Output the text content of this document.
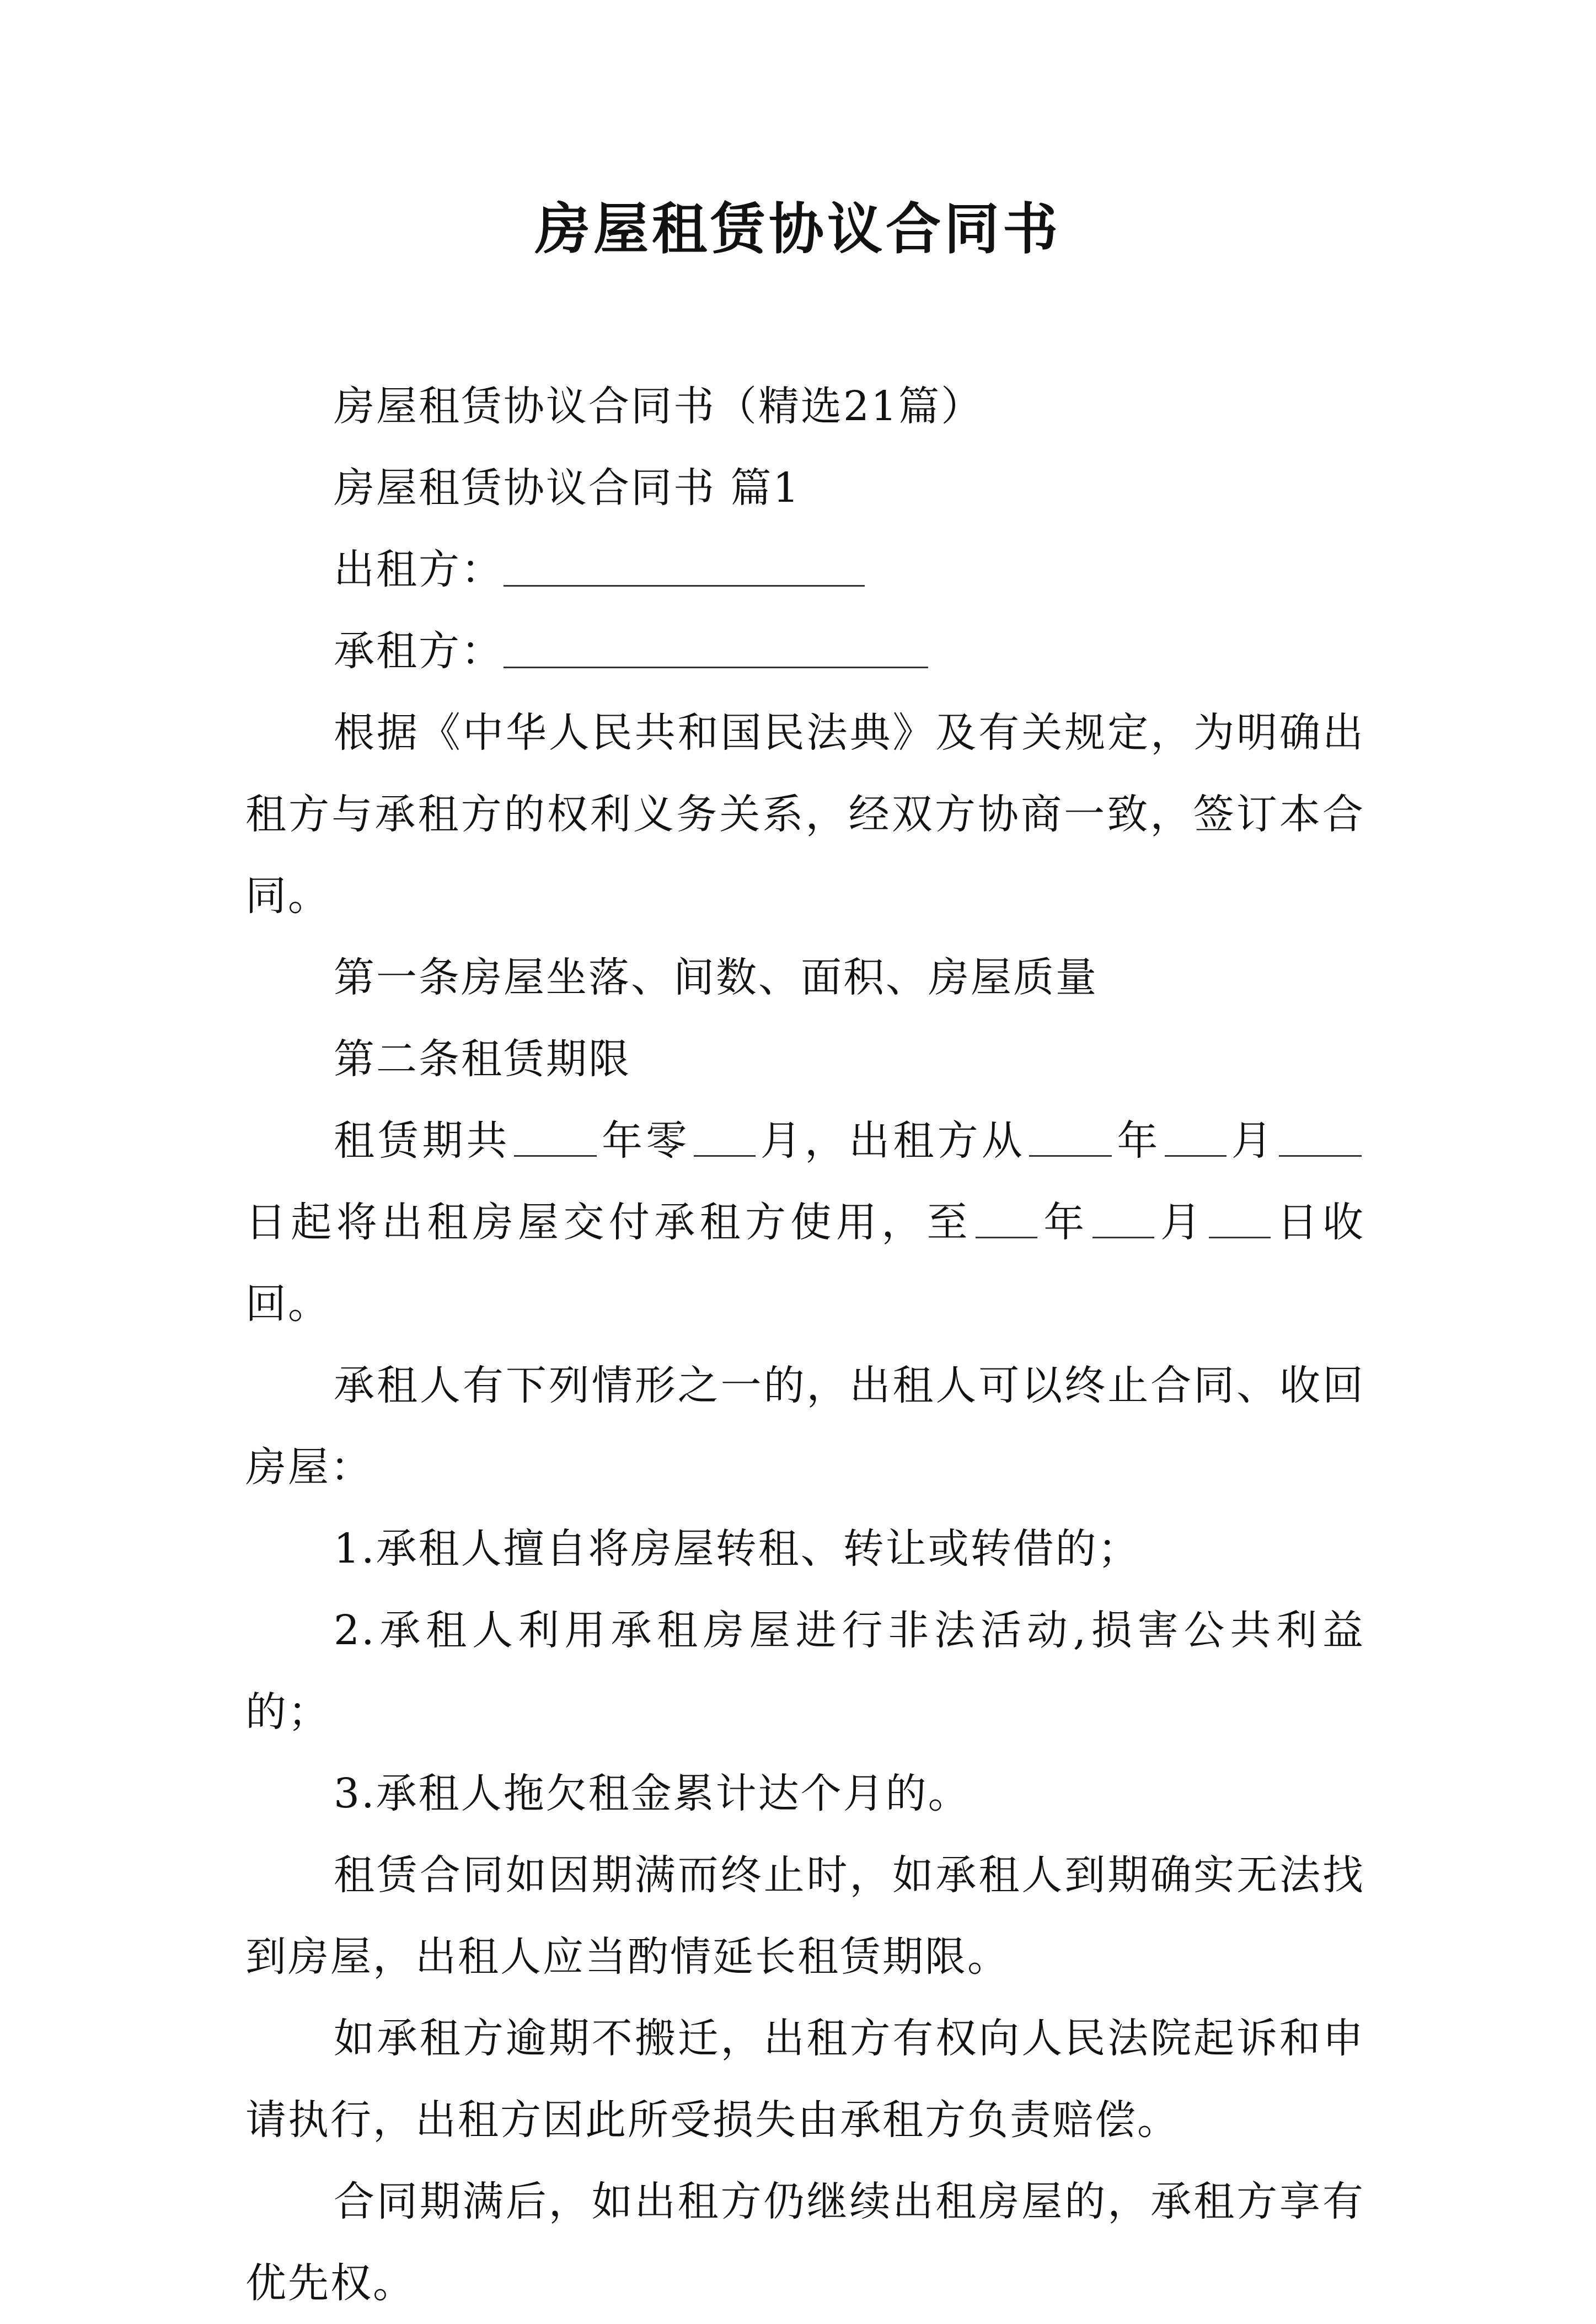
房屋租赁协议合同书

房屋租赁协议合同书（精选21篇）

房屋租赁协议合同书 篇1

出租方：

承租方：

根据《中华人民共和国民法典》及有关规定，为明确出租方与承租方的权利义务关系，经双方协商一致，签订本合同。

第一条房屋坐落、间数、面积、房屋质量

第二条租赁期限

租赁期共 年零 月，出租方从 年 月日起将出租房屋交付承租方使用，至 年 月 日收回。

承租人有下列情形之一的，出租人可以终止合同、收回房屋：

1.承租人擅自将房屋转租、转让或转借的；

2.承租人利用承租房屋进行非法活动,损害公共利益的；

3.承租人拖欠租金累计达个月的。

租赁合同如因期满而终止时，如承租人到期确实无法找到房屋，出租人应当酌情延长租赁期限。

如承租方逾期不搬迁，出租方有权向人民法院起诉和申请执行，出租方因此所受损失由承租方负责赔偿。

合同期满后，如出租方仍继续出租房屋的，承租方享有优先权。
